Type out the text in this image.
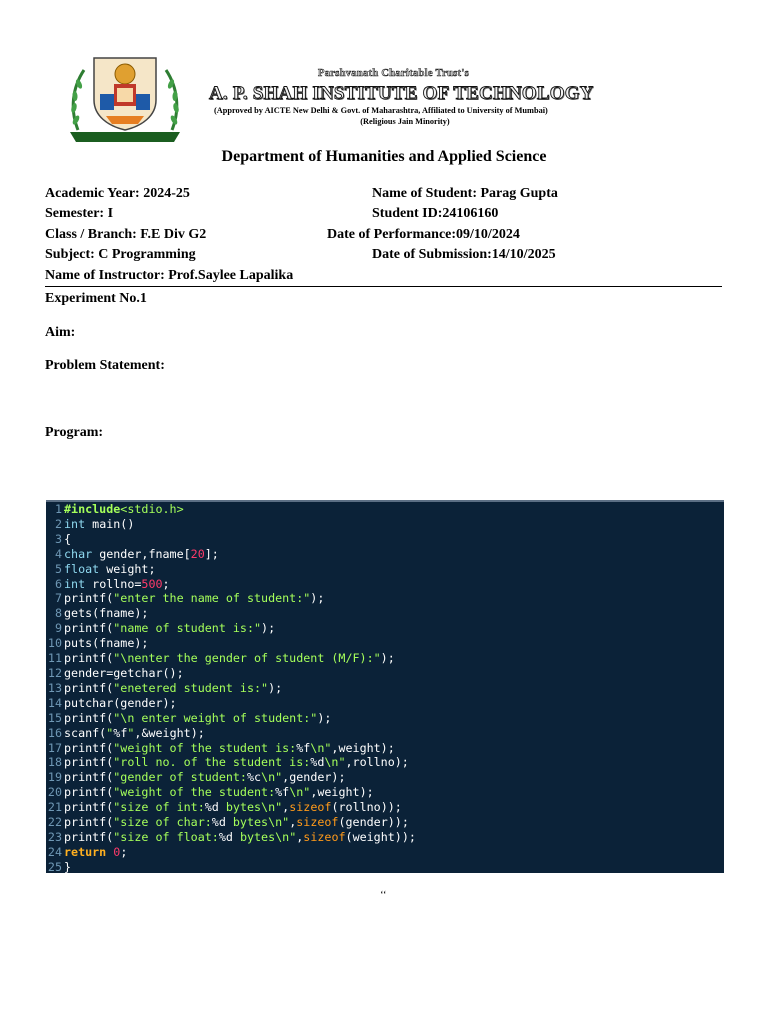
Parshvanath Charitable Trust's
A. P. SHAH INSTITUTE OF TECHNOLOGY
(Approved by AICTE New Delhi & Govt. of Maharashtra, Affiliated to University of Mumbai)
(Religious Jain Minority)
Department of Humanities and Applied Science
Academic Year: 2024-25	Name of Student: Parag Gupta
Semester: I	Student ID:24106160
Class / Branch: F.E Div G2	Date of Performance:09/10/2024
Subject: C Programming	Date of Submission:14/10/2025
Name of Instructor: Prof.Saylee Lapalika
Experiment No.1
Aim:
Problem Statement:
Program:
1 #include<stdio.h>
2 int main()
3 {
4 char gender,fname[20];
5 float weight;
6 int rollno=500;
7 printf("enter the name of student:");
8 gets(fname);
9 printf("name of student is:");
10 puts(fname);
11 printf("\nenter the gender of student (M/F):");
12 gender=getchar();
13 printf("enetered student is:");
14 putchar(gender);
15 printf("\n enter weight of student:");
16 scanf("%f",&weight);
17 printf("weight of the student is:%f\n",weight);
18 printf("roll no. of the student is:%d\n",rollno);
19 printf("gender of student:%c\n",gender);
20 printf("weight of the student:%f\n",weight);
21 printf("size of int:%d bytes\n",sizeof(rollno));
22 printf("size of char:%d bytes\n",sizeof(gender));
23 printf("size of float:%d bytes\n",sizeof(weight));
24 return 0;
25 }
‘‘
